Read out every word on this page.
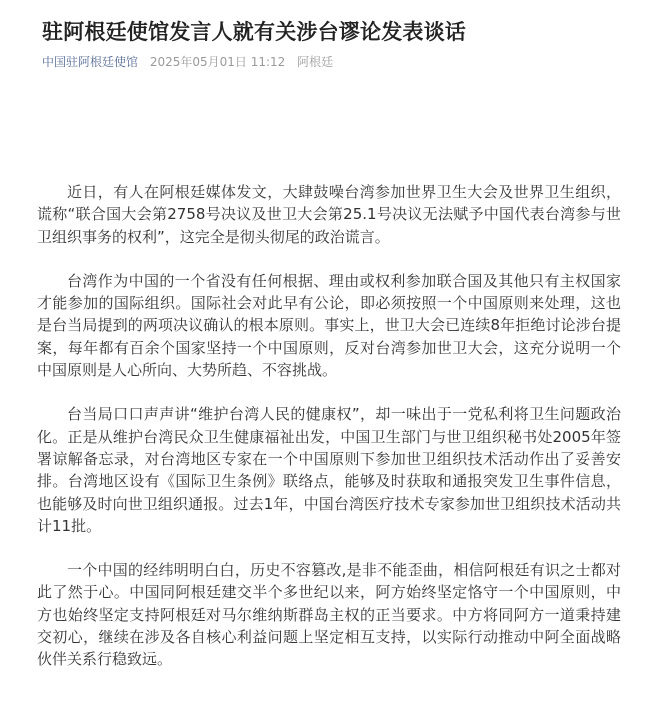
驻阿根廷使馆发言人就有关涉台谬论发表谈话
中国驻阿根廷使馆 2025年05月01日 11:12 阿根廷

近日，有人在阿根廷媒体发文，大肆鼓噪台湾参加世界卫生大会及世界卫生组织，谎称“联合国大会第2758号决议及世卫大会第25.1号决议无法赋予中国代表台湾参与世卫组织事务的权利”，这完全是彻头彻尾的政治谎言。

台湾作为中国的一个省没有任何根据、理由或权利参加联合国及其他只有主权国家才能参加的国际组织。国际社会对此早有公论，即必须按照一个中国原则来处理，这也是台当局提到的两项决议确认的根本原则。事实上，世卫大会已连续8年拒绝讨论涉台提案，每年都有百余个国家坚持一个中国原则，反对台湾参加世卫大会，这充分说明一个中国原则是人心所向、大势所趋、不容挑战。

台当局口口声声讲“维护台湾人民的健康权”，却一味出于一党私利将卫生问题政治化。正是从维护台湾民众卫生健康福祉出发，中国卫生部门与世卫组织秘书处2005年签署谅解备忘录，对台湾地区专家在一个中国原则下参加世卫组织技术活动作出了妥善安排。台湾地区设有《国际卫生条例》联络点，能够及时获取和通报突发卫生事件信息，也能够及时向世卫组织通报。过去1年，中国台湾医疗技术专家参加世卫组织技术活动共计11批。

一个中国的经纬明明白白，历史不容篡改,是非不能歪曲，相信阿根廷有识之士都对此了然于心。中国同阿根廷建交半个多世纪以来，阿方始终坚定恪守一个中国原则，中方也始终坚定支持阿根廷对马尔维纳斯群岛主权的正当要求。中方将同阿方一道秉持建交初心，继续在涉及各自核心利益问题上坚定相互支持，以实际行动推动中阿全面战略伙伴关系行稳致远。
